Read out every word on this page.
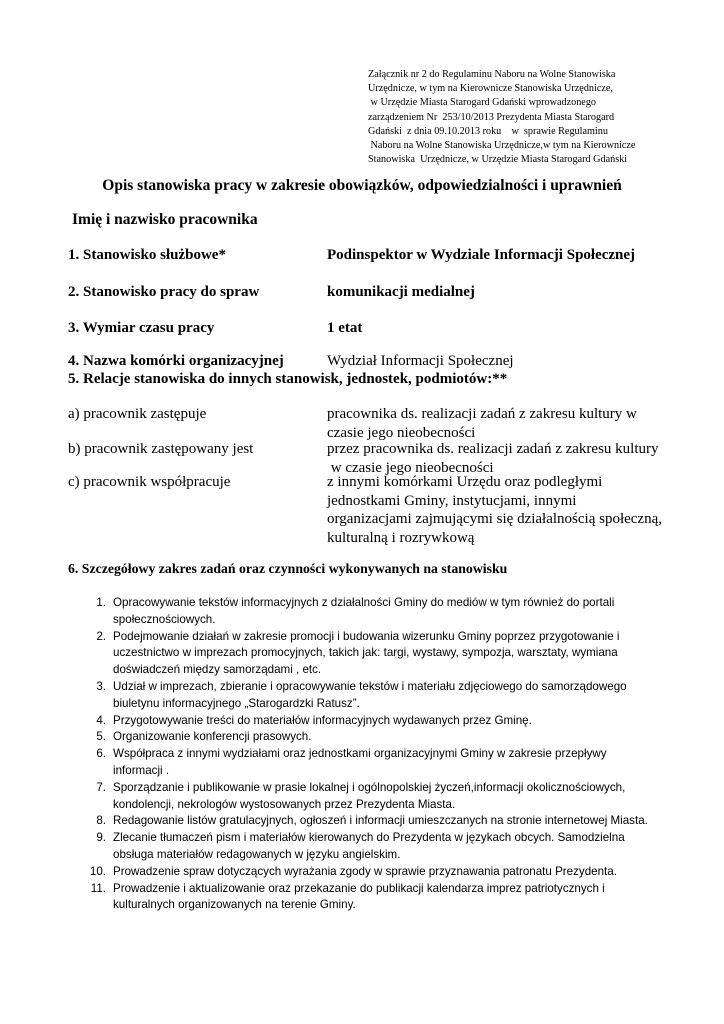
Załącznik nr 2 do Regulaminu Naboru na Wolne Stanowiska
Urzędnicze, w tym na Kierownicze Stanowiska Urzędnicze,
w Urzędzie Miasta Starogard Gdański wprowadzonego
zarządzeniem Nr  253/10/2013 Prezydenta Miasta Starogard
Gdański  z dnia 09.10.2013 roku    w  sprawie Regulaminu
Naboru na Wolne Stanowiska Urzędnicze,w tym na Kierownicze
Stanowiska  Urzędnicze, w Urzędzie Miasta Starogard Gdański
Opis stanowiska pracy w zakresie obowiązków, odpowiedzialności i uprawnień
Imię i nazwisko pracownika
1. Stanowisko służbowe*	Podinspektor w Wydziale Informacji Społecznej
2. Stanowisko pracy do spraw	komunikacji medialnej
3. Wymiar czasu pracy	1 etat
4. Nazwa komórki organizacyjnej	Wydział Informacji Społecznej
5. Relacje stanowiska do innych stanowisk, jednostek, podmiotów:**
a) pracownik zastępuje	pracownika ds. realizacji zadań z zakresu kultury w
czasie jego nieobecności
b) pracownik zastępowany jest	przez pracownika ds. realizacji zadań z zakresu kultury
w czasie jego nieobecności
c) pracownik współpracuje	z innymi komórkami Urzędu oraz podległymi
jednostkami Gminy, instytucjami, innymi
organizacjami zajmującymi się działalnością społeczną,
kulturalną i rozrywkową
6. Szczegółowy zakres zadań oraz czynności wykonywanych na stanowisku
1. Opracowywanie tekstów informacyjnych z działalności Gminy do mediów w tym również do portali społecznościowych.
2. Podejmowanie działań w zakresie promocji i budowania wizerunku Gminy poprzez przygotowanie i uczestnictwo w imprezach promocyjnych, takich jak: targi, wystawy, sympozja, warsztaty, wymiana doświadczeń między samorządami , etc.
3. Udział w imprezach, zbieranie i opracowywanie tekstów i materiału zdjęciowego do samorządowego biuletynu informacyjnego „Starogardzki Ratusz”.
4. Przygotowywanie treści do materiałów informacyjnych wydawanych przez Gminę.
5. Organizowanie konferencji prasowych.
6. Współpraca z innymi wydziałami oraz jednostkami organizacyjnymi Gminy w zakresie przepływy informacji .
7. Sporządzanie i publikowanie w prasie lokalnej i ogólnopolskiej życzeń,informacji okolicznościowych, kondolencji, nekrologów wystosowanych przez Prezydenta Miasta.
8. Redagowanie listów gratulacyjnych, ogłoszeń i informacji umieszczanych na stronie internetowej Miasta.
9. Zlecanie tłumaczeń pism i materiałów kierowanych do Prezydenta w językach obcych. Samodzielna obsługa materiałów redagowanych w języku angielskim.
10. Prowadzenie spraw dotyczących wyrażania zgody w sprawie przyznawania patronatu Prezydenta.
11. Prowadzenie i aktualizowanie oraz przekazanie do publikacji kalendarza imprez patriotycznych i kulturalnych organizowanych na terenie Gminy.
